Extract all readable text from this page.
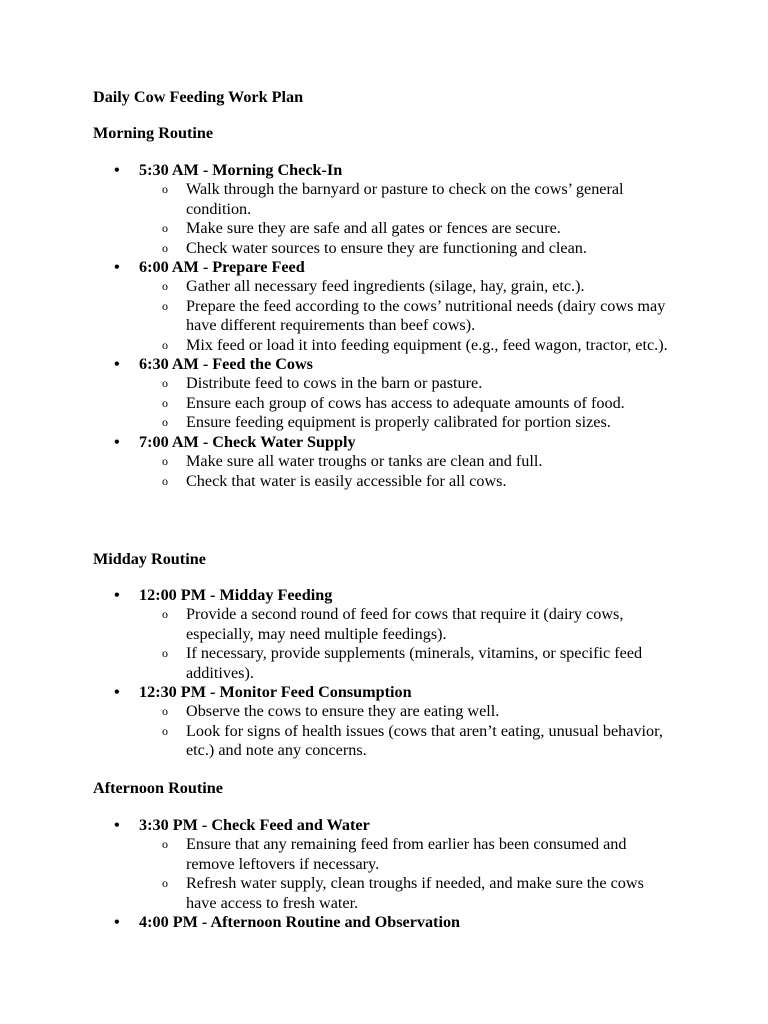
Daily Cow Feeding Work Plan
Morning Routine
• 5:30 AM - Morning Check-In
o Walk through the barnyard or pasture to check on the cows’ general condition.
o Make sure they are safe and all gates or fences are secure.
o Check water sources to ensure they are functioning and clean.
• 6:00 AM - Prepare Feed
o Gather all necessary feed ingredients (silage, hay, grain, etc.).
o Prepare the feed according to the cows’ nutritional needs (dairy cows may have different requirements than beef cows).
o Mix feed or load it into feeding equipment (e.g., feed wagon, tractor, etc.).
• 6:30 AM - Feed the Cows
o Distribute feed to cows in the barn or pasture.
o Ensure each group of cows has access to adequate amounts of food.
o Ensure feeding equipment is properly calibrated for portion sizes.
• 7:00 AM - Check Water Supply
o Make sure all water troughs or tanks are clean and full.
o Check that water is easily accessible for all cows.
Midday Routine
• 12:00 PM - Midday Feeding
o Provide a second round of feed for cows that require it (dairy cows, especially, may need multiple feedings).
o If necessary, provide supplements (minerals, vitamins, or specific feed additives).
• 12:30 PM - Monitor Feed Consumption
o Observe the cows to ensure they are eating well.
o Look for signs of health issues (cows that aren’t eating, unusual behavior, etc.) and note any concerns.
Afternoon Routine
• 3:30 PM - Check Feed and Water
o Ensure that any remaining feed from earlier has been consumed and remove leftovers if necessary.
o Refresh water supply, clean troughs if needed, and make sure the cows have access to fresh water.
• 4:00 PM - Afternoon Routine and Observation
